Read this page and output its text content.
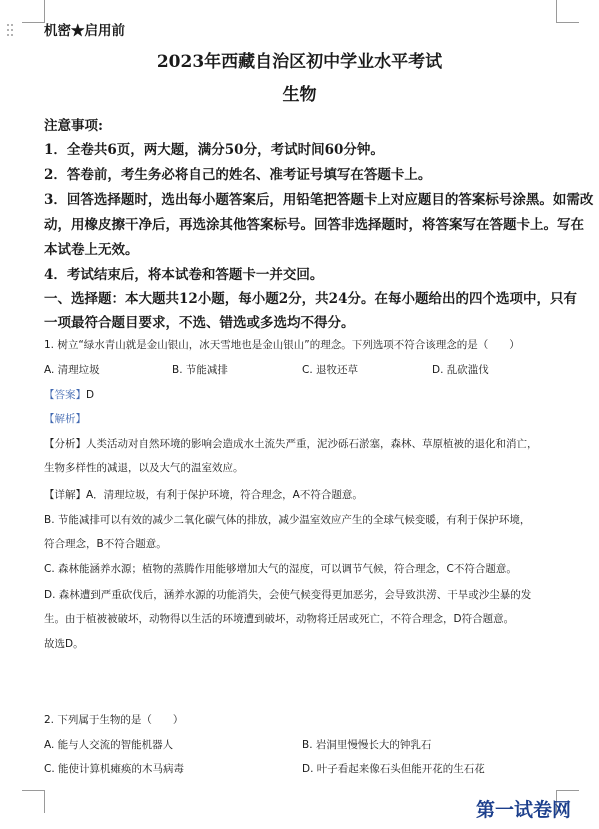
机密★启用前
2023年西藏自治区初中学业水平考试
生物
注意事项:
1．全卷共6页，两大题，满分50分，考试时间60分钟。
2．答卷前，考生务必将自己的姓名、准考证号填写在答题卡上。
3．回答选择题时，选出每小题答案后，用铅笔把答题卡上对应题目的答案标号涂黑。如需改
动，用橡皮擦干净后，再选涂其他答案标号。回答非选择题时，将答案写在答题卡上。写在
本试卷上无效。
4．考试结束后，将本试卷和答题卡一并交回。
一、选择题：本大题共12小题，每小题2分，共24分。在每小题给出的四个选项中，只有
一项最符合题目要求，不选、错选或多选均不得分。
1. 树立“绿水青山就是金山银山，冰天雪地也是金山银山”的理念。下列选项不符合该理念的是（　　）
A. 清理垃圾	B. 节能减排	C. 退牧还草	D. 乱砍滥伐
【答案】D
【解析】
【分析】人类活动对自然环境的影响会造成水土流失严重，泥沙砾石淤塞，森林、草原植被的退化和消亡，
生物多样性的减退，以及大气的温室效应。
【详解】A．清理垃圾，有利于保护环境，符合理念，A不符合题意。
B. 节能减排可以有效的减少二氧化碳气体的排放，减少温室效应产生的全球气候变暖，有利于保护环境，
符合理念，B不符合题意。
C. 森林能涵养水源；植物的蒸腾作用能够增加大气的湿度，可以调节气候，符合理念，C不符合题意。
D. 森林遭到严重砍伐后，涵养水源的功能消失，会使气候变得更加恶劣，会导致洪涝、干旱或沙尘暴的发
生。由于植被被破坏，动物得以生活的环境遭到破坏，动物将迁居或死亡，不符合理念，D符合题意。
故选D。
2. 下列属于生物的是（　　）
A. 能与人交流的智能机器人	B. 岩洞里慢慢长大的钟乳石
C. 能使计算机瘫痪的木马病毒	D. 叶子看起来像石头但能开花的生石花
第一试卷网
